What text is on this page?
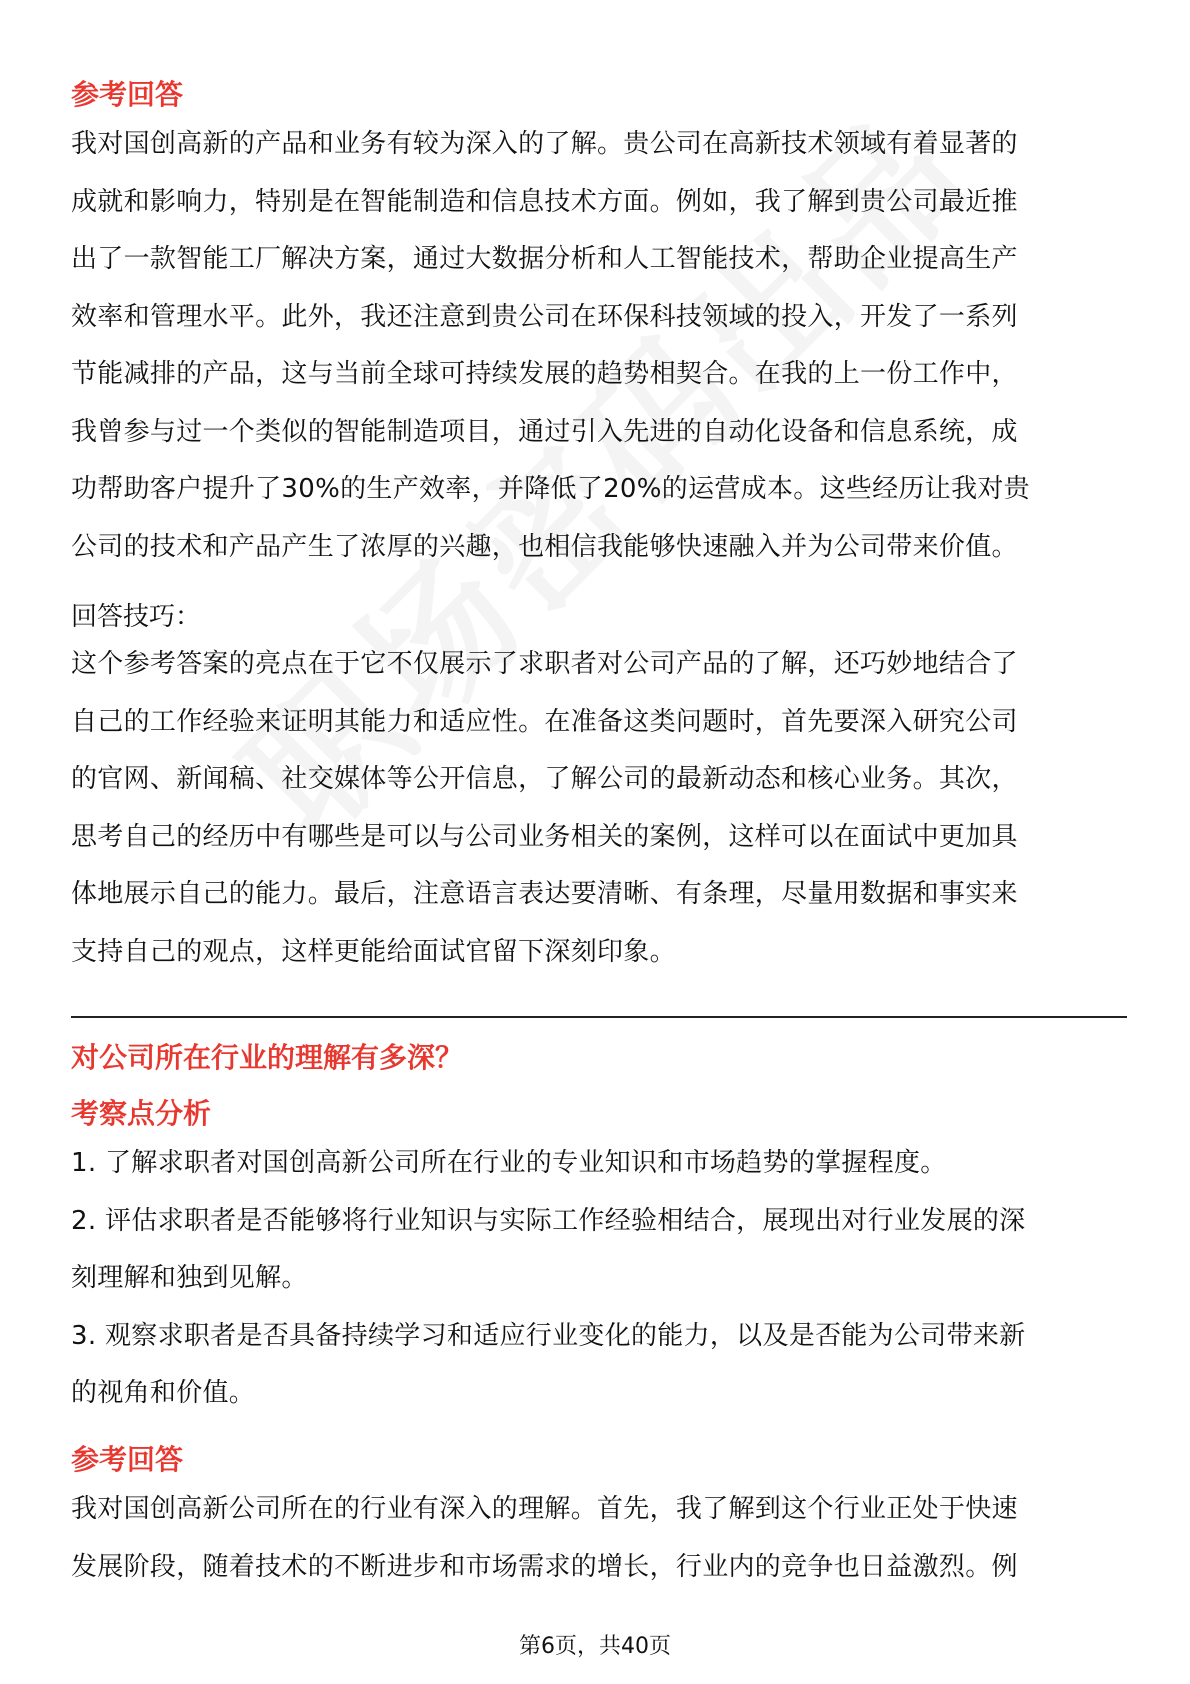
参考回答
我对国创高新的产品和业务有较为深入的了解。贵公司在高新技术领域有着显著的
成就和影响力，特别是在智能制造和信息技术方面。例如，我了解到贵公司最近推
出了一款智能工厂解决方案，通过大数据分析和人工智能技术，帮助企业提高生产
效率和管理水平。此外，我还注意到贵公司在环保科技领域的投入，开发了一系列
节能减排的产品，这与当前全球可持续发展的趋势相契合。在我的上一份工作中，
我曾参与过一个类似的智能制造项目，通过引入先进的自动化设备和信息系统，成
功帮助客户提升了30%的生产效率，并降低了20%的运营成本。这些经历让我对贵
公司的技术和产品产生了浓厚的兴趣，也相信我能够快速融入并为公司带来价值。
回答技巧：
这个参考答案的亮点在于它不仅展示了求职者对公司产品的了解，还巧妙地结合了
自己的工作经验来证明其能力和适应性。在准备这类问题时，首先要深入研究公司
的官网、新闻稿、社交媒体等公开信息，了解公司的最新动态和核心业务。其次，
思考自己的经历中有哪些是可以与公司业务相关的案例，这样可以在面试中更加具
体地展示自己的能力。最后，注意语言表达要清晰、有条理，尽量用数据和事实来
支持自己的观点，这样更能给面试官留下深刻印象。
对公司所在行业的理解有多深？
考察点分析
1. 了解求职者对国创高新公司所在行业的专业知识和市场趋势的掌握程度。
2. 评估求职者是否能够将行业知识与实际工作经验相结合，展现出对行业发展的深
刻理解和独到见解。
3. 观察求职者是否具备持续学习和适应行业变化的能力，以及是否能为公司带来新
的视角和价值。
参考回答
我对国创高新公司所在的行业有深入的理解。首先，我了解到这个行业正处于快速
发展阶段，随着技术的不断进步和市场需求的增长，行业内的竞争也日益激烈。例
第6页，共40页
